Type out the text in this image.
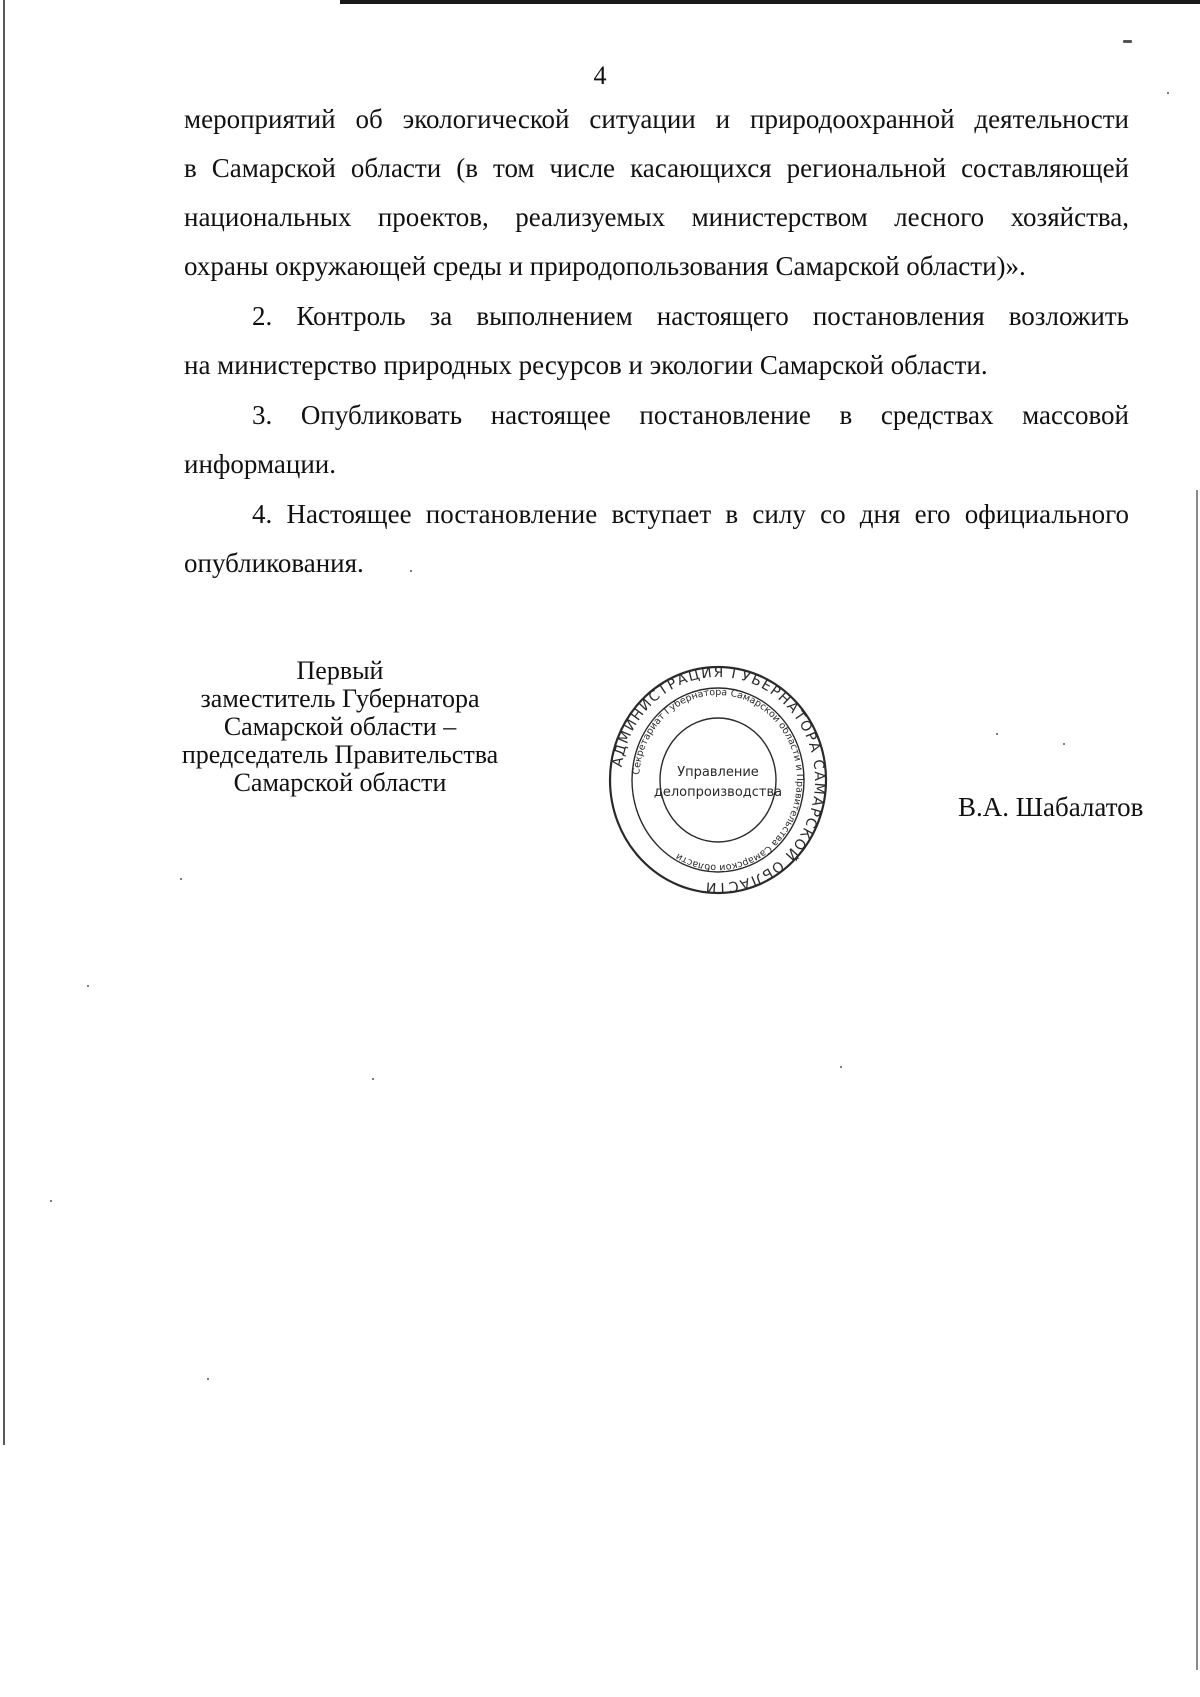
4
мероприятий об экологической ситуации и природоохранной деятельности
в Самарской области (в том числе касающихся региональной составляющей
национальных проектов, реализуемых министерством лесного хозяйства,
охраны окружающей среды и природопользования Самарской области)».
2. Контроль за выполнением настоящего постановления возложить
на министерство природных ресурсов и экологии Самарской области.
3. Опубликовать настоящее постановление в средствах массовой
информации.
4. Настоящее постановление вступает в силу со дня его официального
опубликования.
Первый
заместитель Губернатора
Самарской области –
председатель Правительства
Самарской области
АДМИНИСТРАЦИЯ ГУБЕРНАТОРА САМАРСКОЙ ОБЛАСТИ
Секретариат Губернатора Самарской области и Правительства Самарской области
Управление
делопроизводства	В.А. Шабалатов
